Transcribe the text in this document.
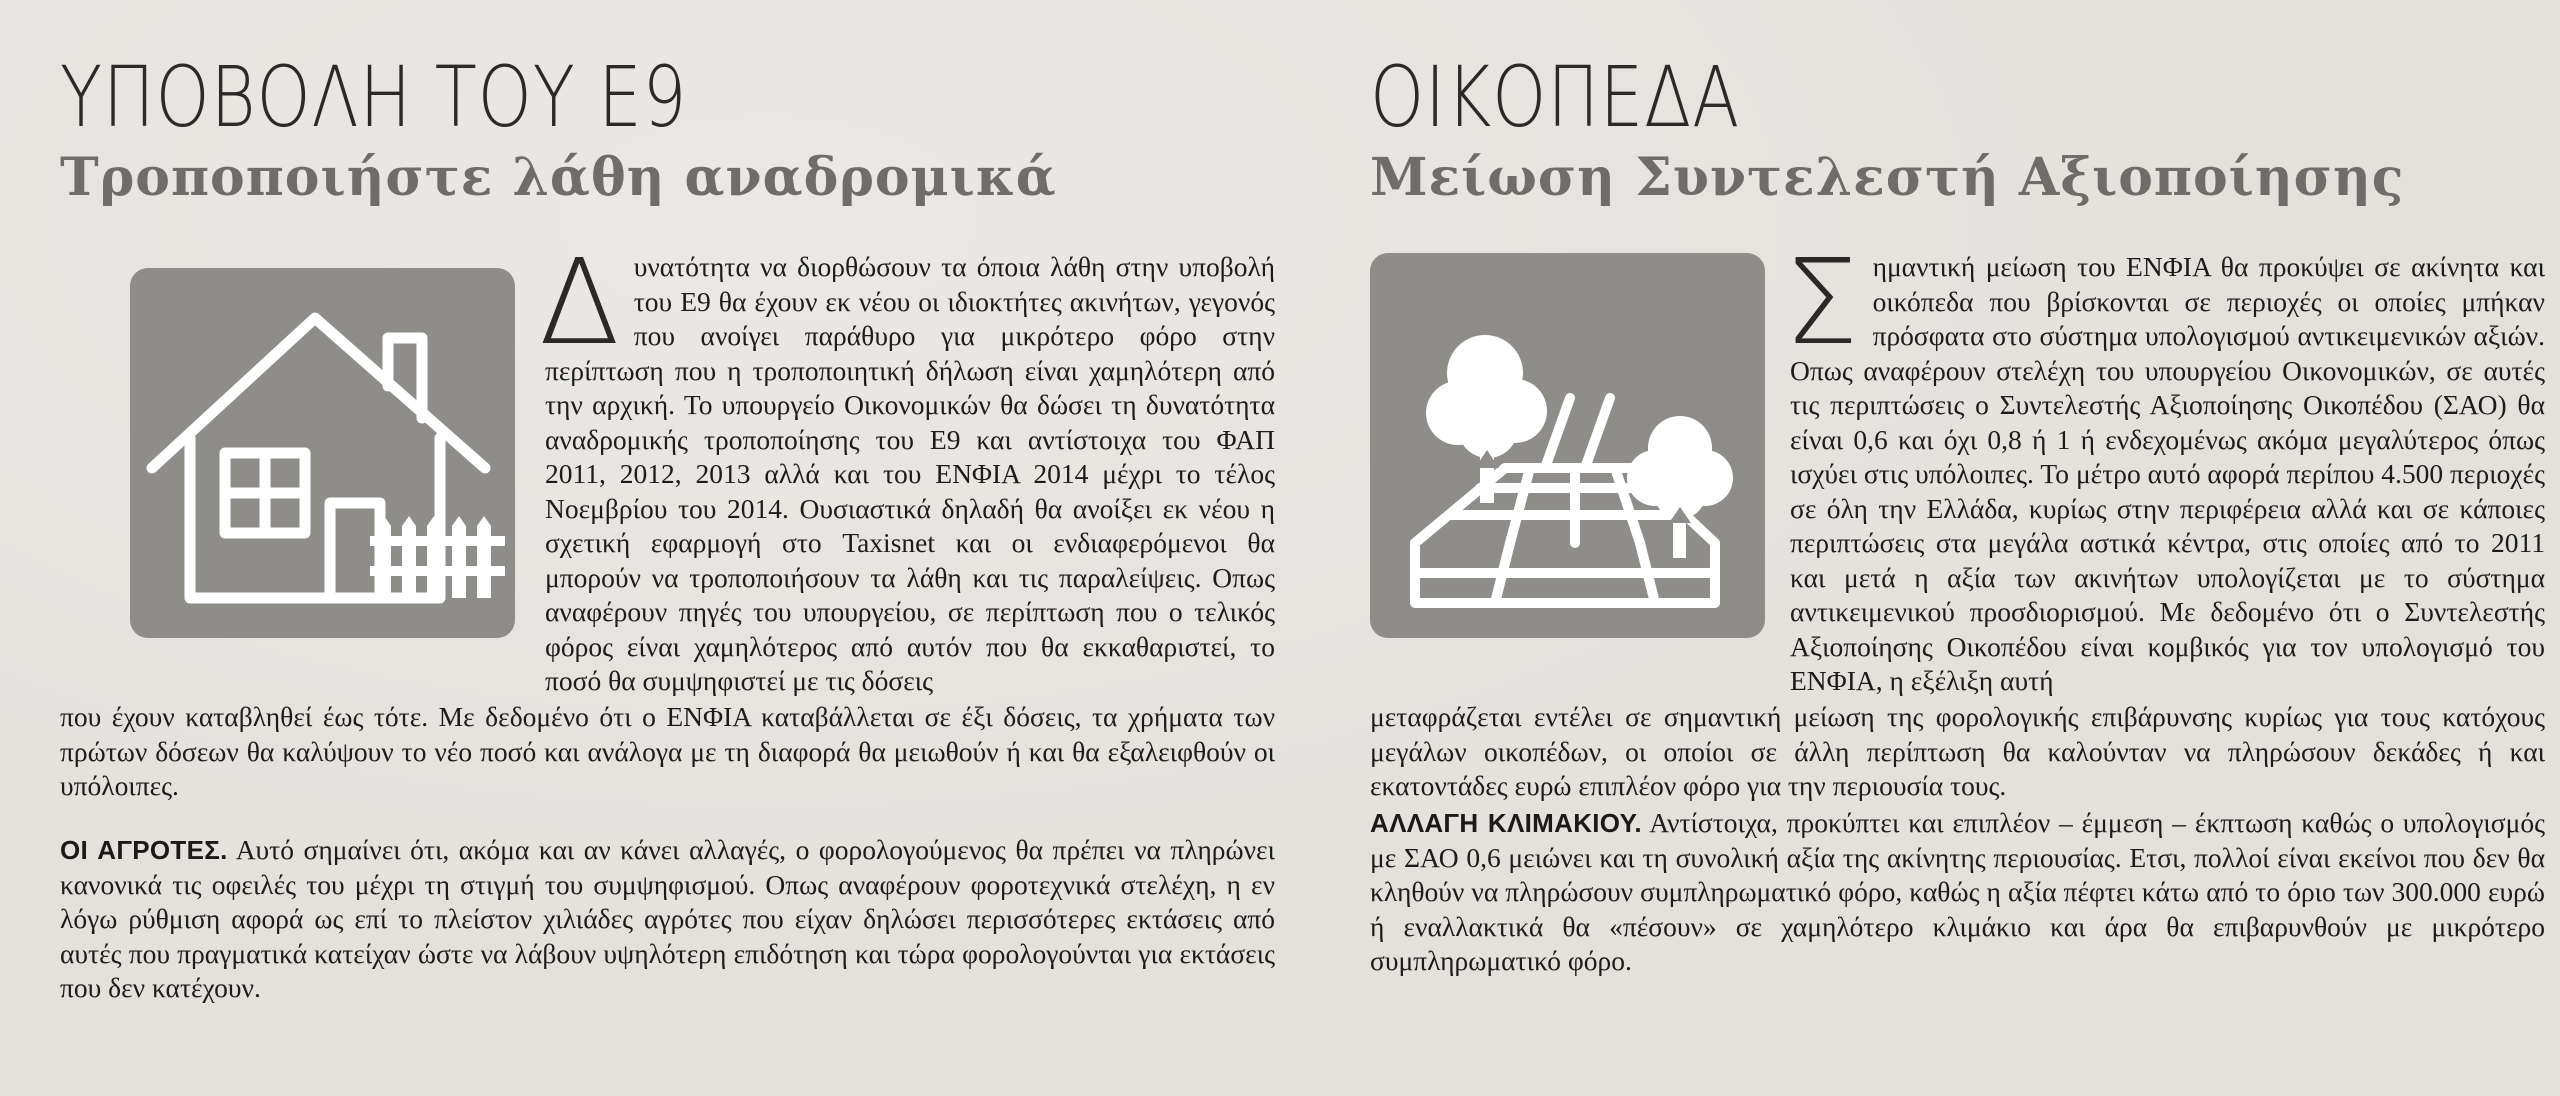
ΥΠΟΒΟΛΗ ΤΟΥ Ε9
Τροποποιήστε λάθη αναδρομικά

Δυνατότητα να διορθώσουν τα όποια λάθη στην υποβολή του Ε9 θα έχουν εκ νέου οι ιδιοκτήτες ακινήτων, γεγονός που ανοίγει παράθυρο για μικρότερο φόρο στην περίπτωση που η τροποποιητική δήλωση είναι χαμηλότερη από την αρχική. Το υπουργείο Οικονομικών θα δώσει τη δυνατότητα αναδρομικής τροποποίησης του Ε9 και αντίστοιχα του ΦΑΠ 2011, 2012, 2013 αλλά και του ΕΝΦΙΑ 2014 μέχρι το τέλος Νοεμβρίου του 2014. Ουσιαστικά δηλαδή θα ανοίξει εκ νέου η σχετική εφαρμογή στο Taxisnet και οι ενδιαφερόμενοι θα μπορούν να τροποποιήσουν τα λάθη και τις παραλείψεις. Οπως αναφέρουν πηγές του υπουργείου, σε περίπτωση που ο τελικός φόρος είναι χαμηλότερος από αυτόν που θα εκκαθαριστεί, το ποσό θα συμψηφιστεί με τις δόσεις

που έχουν καταβληθεί έως τότε. Με δεδομένο ότι ο ΕΝΦΙΑ καταβάλλεται σε έξι δόσεις, τα χρήματα των πρώτων δόσεων θα καλύψουν το νέο ποσό και ανάλογα με τη διαφορά θα μειωθούν ή και θα εξαλειφθούν οι υπόλοιπες.

ΟΙ ΑΓΡΟΤΕΣ. Αυτό σημαίνει ότι, ακόμα και αν κάνει αλλαγές, ο φορολογούμενος θα πρέπει να πληρώνει κανονικά τις οφειλές του μέχρι τη στιγμή του συμψηφισμού. Οπως αναφέρουν φοροτεχνικά στελέχη, η εν λόγω ρύθμιση αφορά ως επί το πλείστον χιλιάδες αγρότες που είχαν δηλώσει περισσότερες εκτάσεις από αυτές που πραγματικά κατείχαν ώστε να λάβουν υψηλότερη επιδότηση και τώρα φορολογούνται για εκτάσεις που δεν κατέχουν.

ΟΙΚΟΠΕΔΑ
Μείωση Συντελεστή Αξιοποίησης

Σημαντική μείωση του ΕΝΦΙΑ θα προκύψει σε ακίνητα και οικόπεδα που βρίσκονται σε περιοχές οι οποίες μπήκαν πρόσφατα στο σύστημα υπολογισμού αντικειμενικών αξιών. Οπως αναφέρουν στελέχη του υπουργείου Οικονομικών, σε αυτές τις περιπτώσεις ο Συντελεστής Αξιοποίησης Οικοπέδου (ΣΑΟ) θα είναι 0,6 και όχι 0,8 ή 1 ή ενδεχομένως ακόμα μεγαλύτερος όπως ισχύει στις υπόλοιπες. Το μέτρο αυτό αφορά περίπου 4.500 περιοχές σε όλη την Ελλάδα, κυρίως στην περιφέρεια αλλά και σε κάποιες περιπτώσεις στα μεγάλα αστικά κέντρα, στις οποίες από το 2011 και μετά η αξία των ακινήτων υπολογίζεται με το σύστημα αντικειμενικού προσδιορισμού. Με δεδομένο ότι ο Συντελεστής Αξιοποίησης Οικοπέδου είναι κομβικός για τον υπολογισμό του ΕΝΦΙΑ, η εξέλιξη αυτή

μεταφράζεται εντέλει σε σημαντική μείωση της φορολογικής επιβάρυνσης κυρίως για τους κατόχους μεγάλων οικοπέδων, οι οποίοι σε άλλη περίπτωση θα καλούνταν να πληρώσουν δεκάδες ή και εκατοντάδες ευρώ επιπλέον φόρο για την περιουσία τους.

ΑΛΛΑΓΗ ΚΛΙΜΑΚΙΟΥ. Αντίστοιχα, προκύπτει και επιπλέον – έμμεση – έκπτωση καθώς ο υπολογισμός με ΣΑΟ 0,6 μειώνει και τη συνολική αξία της ακίνητης περιουσίας. Ετσι, πολλοί είναι εκείνοι που δεν θα κληθούν να πληρώσουν συμπληρωματικό φόρο, καθώς η αξία πέφτει κάτω από το όριο των 300.000 ευρώ ή εναλλακτικά θα «πέσουν» σε χαμηλότερο κλιμάκιο και άρα θα επιβαρυνθούν με μικρότερο συμπληρωματικό φόρο.
